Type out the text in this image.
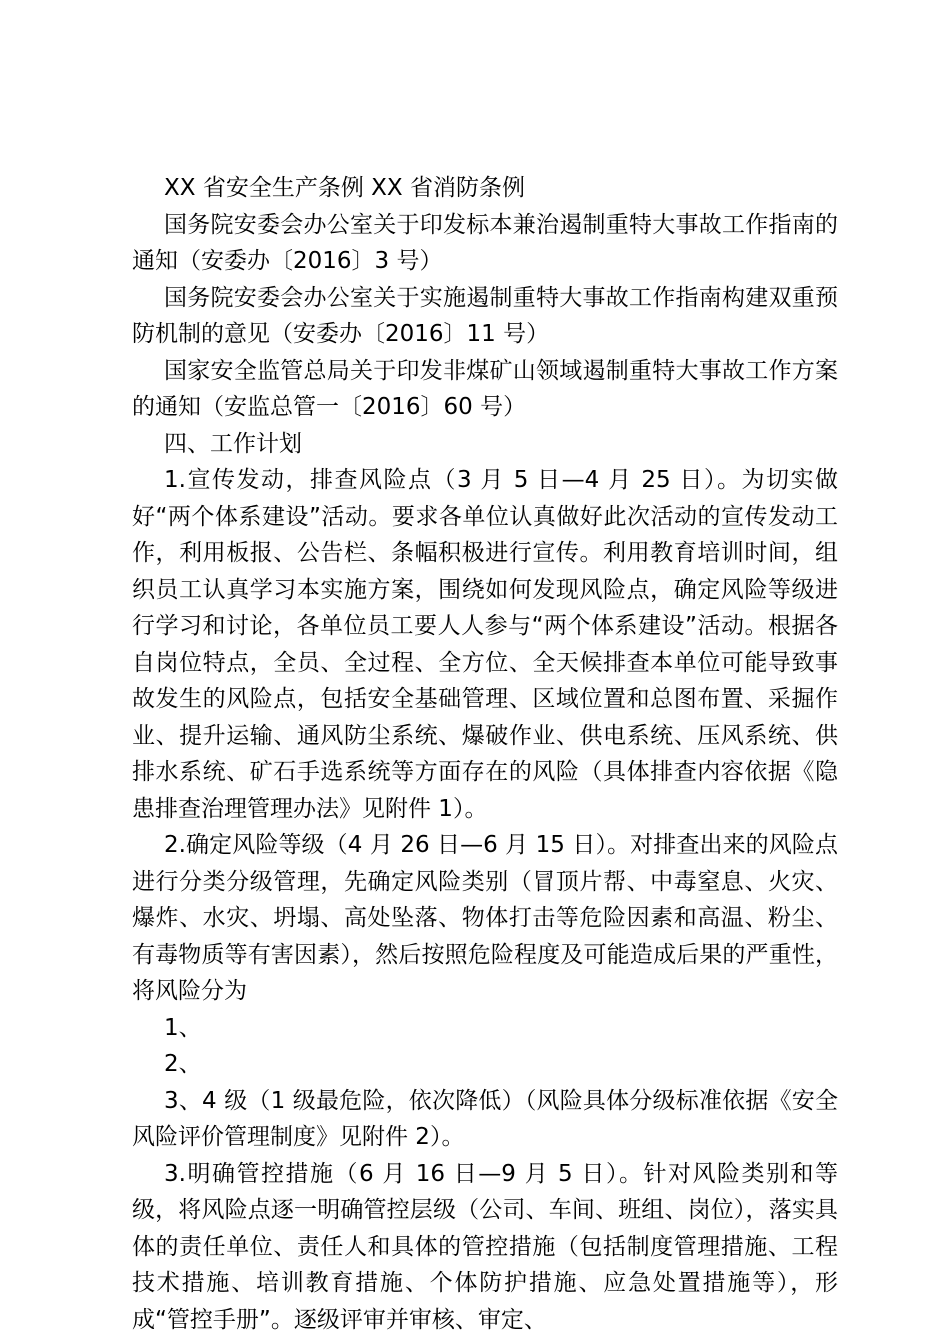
XX 省安全生产条例 XX 省消防条例

国务院安委会办公室关于印发标本兼治遏制重特大事故工作指南的通知（安委办〔2016〕3 号）

国务院安委会办公室关于实施遏制重特大事故工作指南构建双重预防机制的意见（安委办〔2016〕11 号）

国家安全监管总局关于印发非煤矿山领域遏制重特大事故工作方案的通知（安监总管一〔2016〕60 号）

四、工作计划

1.宣传发动，排查风险点（3 月 5 日—4 月 25 日）。为切实做好“两个体系建设”活动。要求各单位认真做好此次活动的宣传发动工作，利用板报、公告栏、条幅积极进行宣传。利用教育培训时间，组织员工认真学习本实施方案，围绕如何发现风险点，确定风险等级进行学习和讨论，各单位员工要人人参与“两个体系建设”活动。根据各自岗位特点，全员、全过程、全方位、全天候排查本单位可能导致事故发生的风险点，包括安全基础管理、区域位置和总图布置、采掘作业、提升运输、通风防尘系统、爆破作业、供电系统、压风系统、供排水系统、矿石手选系统等方面存在的风险（具体排查内容依据《隐患排查治理管理办法》见附件 1）。

2.确定风险等级（4 月 26 日—6 月 15 日）。对排查出来的风险点进行分类分级管理，先确定风险类别（冒顶片帮、中毒窒息、火灾、爆炸、水灾、坍塌、高处坠落、物体打击等危险因素和高温、粉尘、有毒物质等有害因素），然后按照危险程度及可能造成后果的严重性，将风险分为

1、

2、

3、4 级（1 级最危险，依次降低）（风险具体分级标准依据《安全风险评价管理制度》见附件 2）。

3.明确管控措施（6 月 16 日—9 月 5 日）。针对风险类别和等级，将风险点逐一明确管控层级（公司、车间、班组、岗位），落实具体的责任单位、责任人和具体的管控措施（包括制度管理措施、工程技术措施、培训教育措施、个体防护措施、应急处置措施等），形成“管控手册”。逐级评审并审核、审定、
